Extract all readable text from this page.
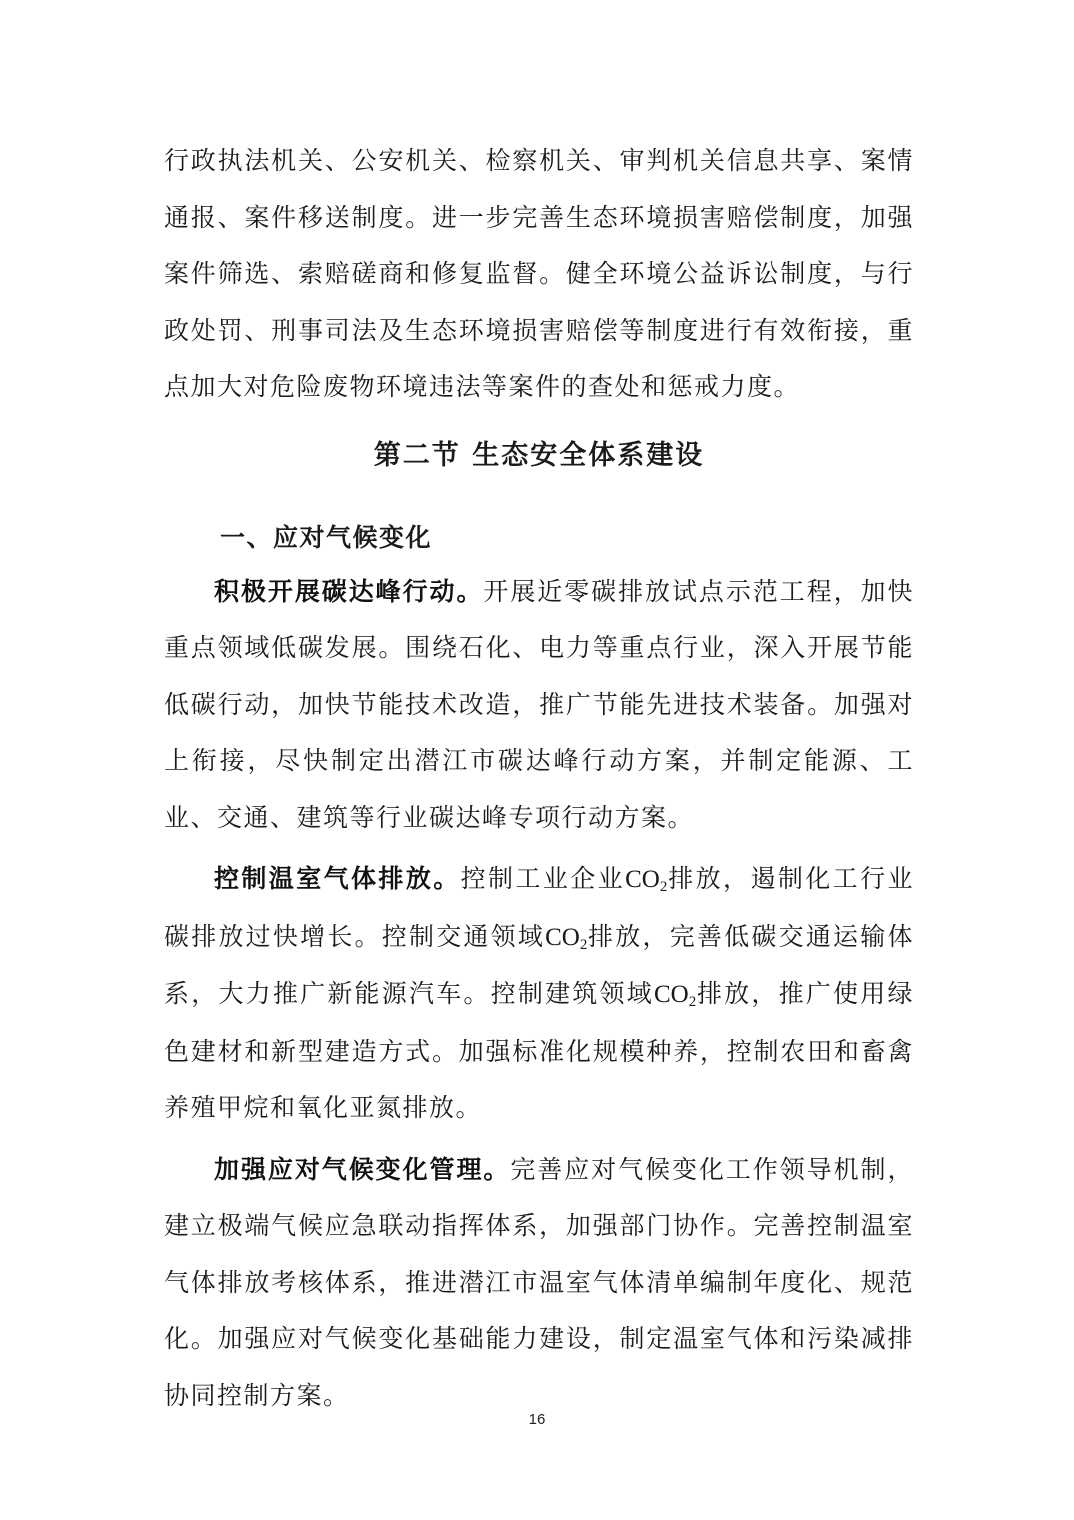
行政执法机关、公安机关、检察机关、审判机关信息共享、案情通报、案件移送制度。进一步完善生态环境损害赔偿制度，加强案件筛选、索赔磋商和修复监督。健全环境公益诉讼制度，与行政处罚、刑事司法及生态环境损害赔偿等制度进行有效衔接，重点加大对危险废物环境违法等案件的查处和惩戒力度。

第二节 生态安全体系建设
一、应对气候变化

积极开展碳达峰行动。开展近零碳排放试点示范工程，加快重点领域低碳发展。围绕石化、电力等重点行业，深入开展节能低碳行动，加快节能技术改造，推广节能先进技术装备。加强对上衔接，尽快制定出潜江市碳达峰行动方案，并制定能源、工业、交通、建筑等行业碳达峰专项行动方案。

控制温室气体排放。控制工业企业$CO_2$排放，遏制化工行业碳排放过快增长。控制交通领域$CO_2$排放，完善低碳交通运输体系，大力推广新能源汽车。控制建筑领域$CO_2$排放，推广使用绿色建材和新型建造方式。加强标准化规模种养，控制农田和畜禽养殖甲烷和氧化亚氮排放。

加强应对气候变化管理。完善应对气候变化工作领导机制，建立极端气候应急联动指挥体系，加强部门协作。完善控制温室气体排放考核体系，推进潜江市温室气体清单编制年度化、规范化。加强应对气候变化基础能力建设，制定温室气体和污染减排协同控制方案。

16
